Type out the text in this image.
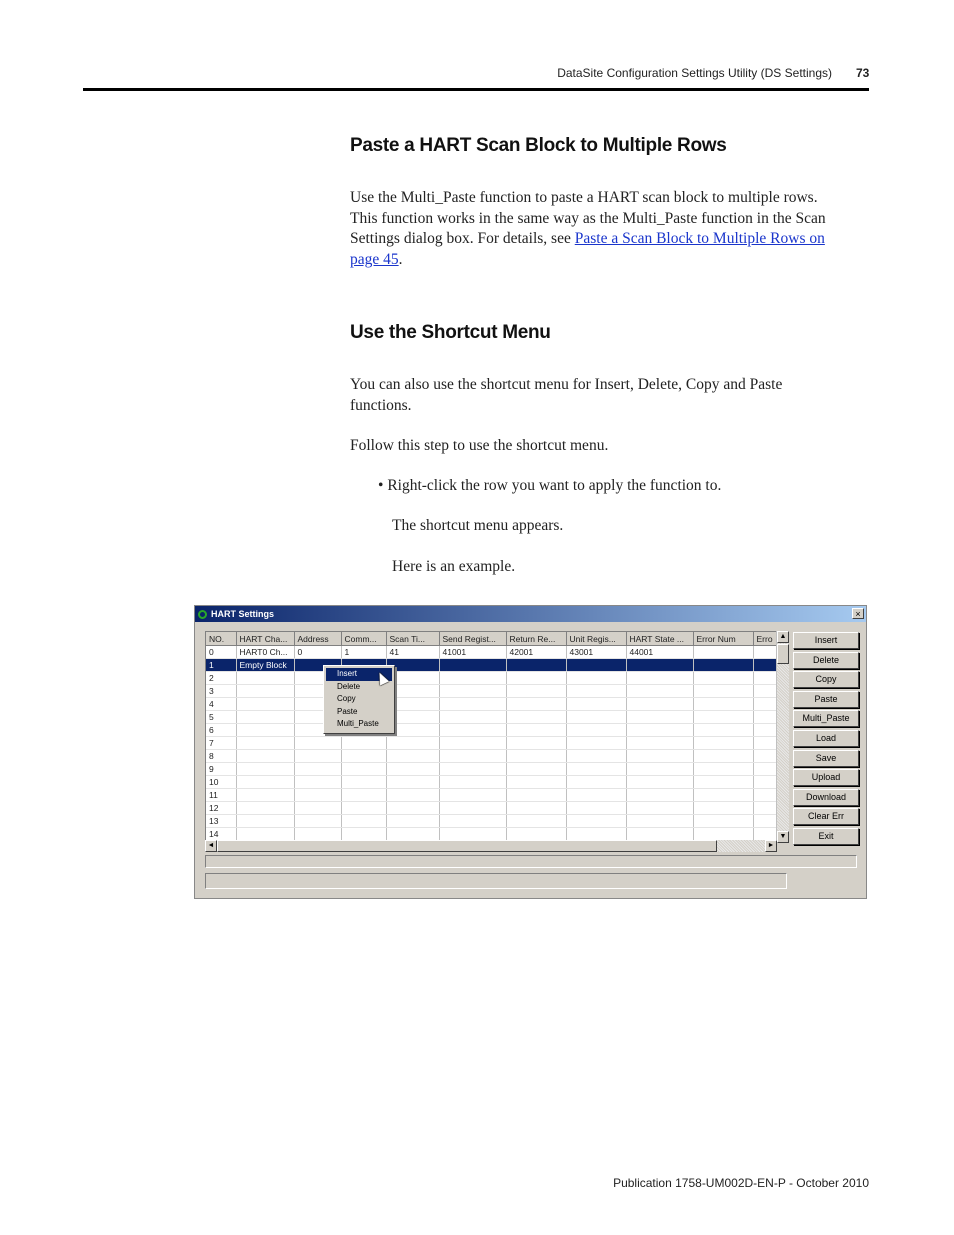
DataSite Configuration Settings Utility (DS Settings) 73
Paste a HART Scan Block to Multiple Rows

Use the Multi_Paste function to paste a HART scan block to multiple rows.
This function works in the same way as the Multi_Paste function in the Scan
Settings dialog box. For details, see Paste a Scan Block to Multiple Rows on
page 45.

Use the Shortcut Menu

You can also use the shortcut menu for Insert, Delete, Copy and Paste
functions.

Follow this step to use the shortcut menu.

• Right-click the row you want to apply the function to.
The shortcut menu appears.
Here is an example.
HART Settings	×
NO.	HART Cha...	Address	Comm...	Scan Ti...	Send Regist...	Return Re...	Unit Regis...	HART State ...	Error Num	Erro
0	HART0 Ch...	0	1	41	41001	42001	43001	44001		
1	Empty Block									
2										
3										
4										
5										
6										
7										
8										
9										
10										
11										
12										
13										
14										

▲
▼
◄	►
Insert
Delete
Copy
Paste
Multi_Paste
Load
Save
Upload
Download
Clear Err
Exit
Insert
Delete
Copy
Paste
Multi_Paste
Publication 1758-UM002D-EN-P - October 2010
